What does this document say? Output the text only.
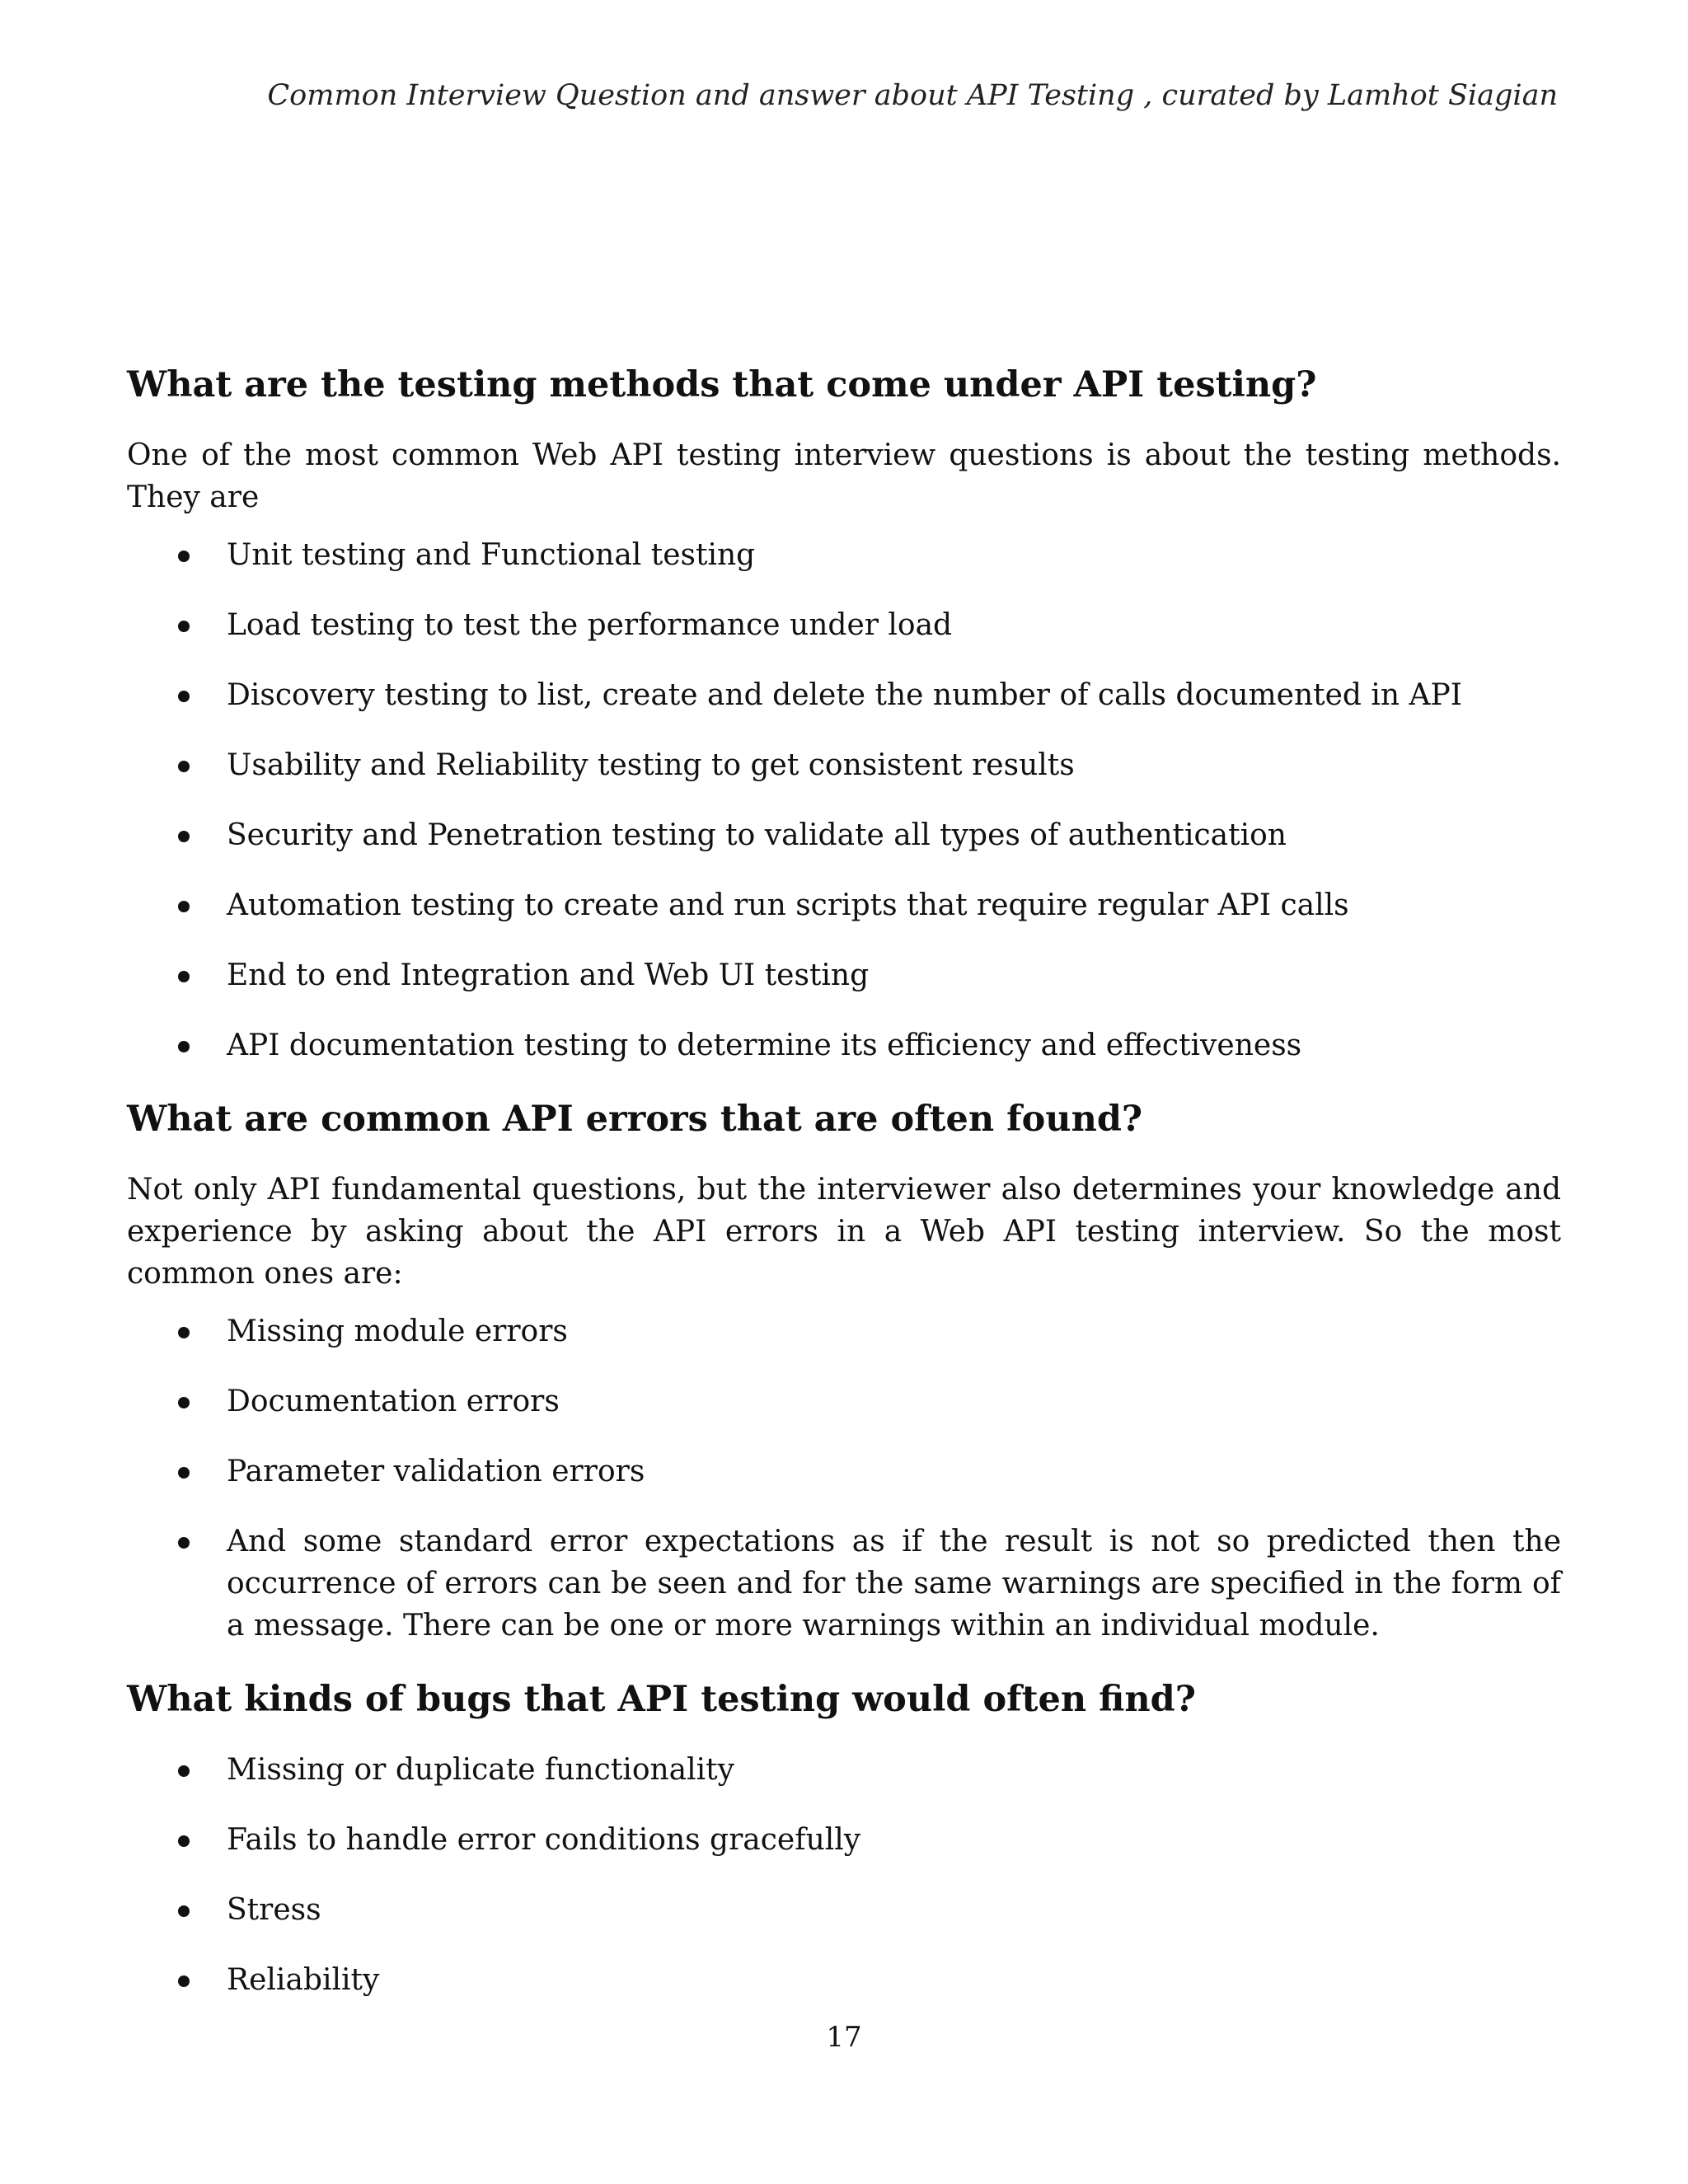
Common Interview Question and answer about API Testing , curated by Lamhot Siagian
What are the testing methods that come under API testing?

One of the most common Web API testing interview questions is about the testing methods. They are

Unit testing and Functional testing
Load testing to test the performance under load
Discovery testing to list, create and delete the number of calls documented in API
Usability and Reliability testing to get consistent results
Security and Penetration testing to validate all types of authentication
Automation testing to create and run scripts that require regular API calls
End to end Integration and Web UI testing
API documentation testing to determine its efficiency and effectiveness
What are common API errors that are often found?

Not only API fundamental questions, but the interviewer also determines your knowledge and experience by asking about the API errors in a Web API testing interview. So the most common ones are:

Missing module errors
Documentation errors
Parameter validation errors
And some standard error expectations as if the result is not so predicted then the occurrence of errors can be seen and for the same warnings are specified in the form of a message. There can be one or more warnings within an individual module.
What kinds of bugs that API testing would often find?
Missing or duplicate functionality
Fails to handle error conditions gracefully
Stress
Reliability
17
